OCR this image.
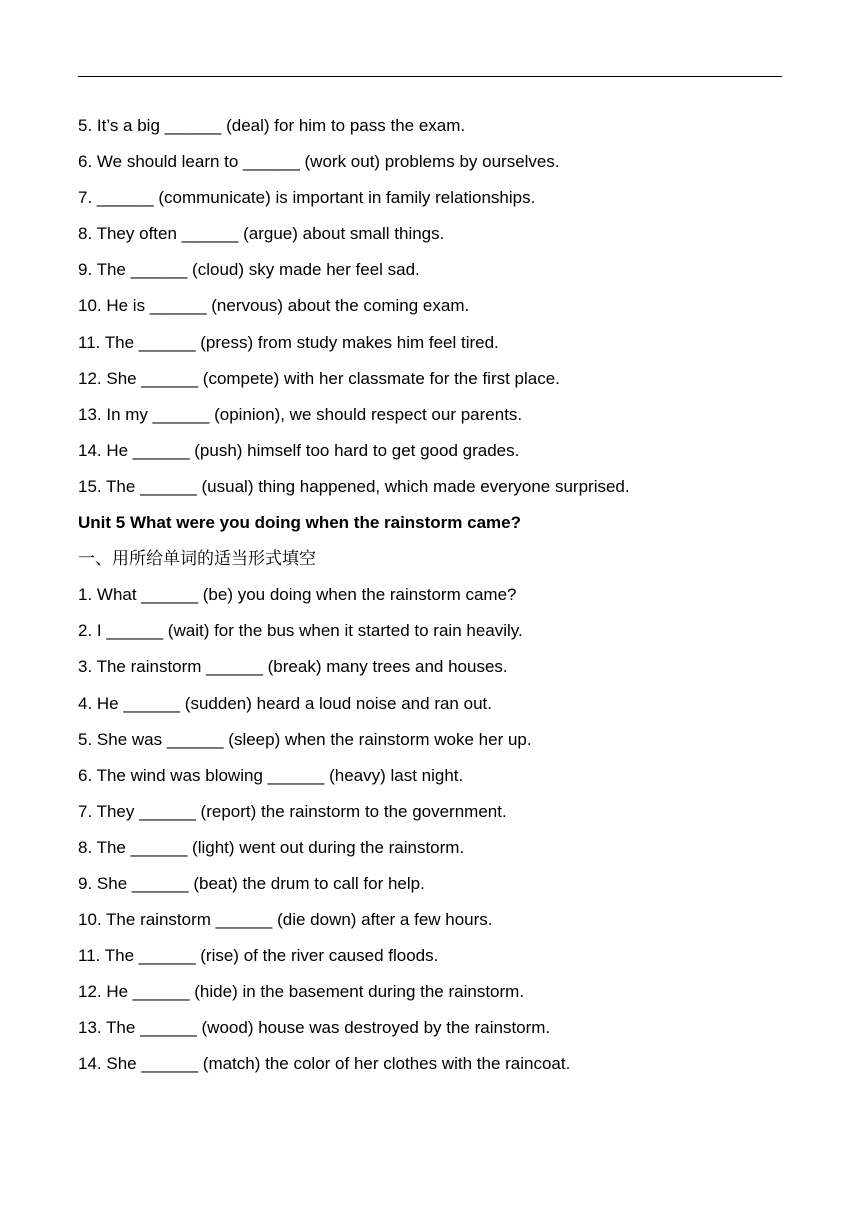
5. It’s a big ______ (deal) for him to pass the exam.
6. We should learn to ______ (work out) problems by ourselves.
7. ______ (communicate) is important in family relationships.
8. They often ______ (argue) about small things.
9. The ______ (cloud) sky made her feel sad.
10. He is ______ (nervous) about the coming exam.
11. The ______ (press) from study makes him feel tired.
12. She ______ (compete) with her classmate for the first place.
13. In my ______ (opinion), we should respect our parents.
14. He ______ (push) himself too hard to get good grades.
15. The ______ (usual) thing happened, which made everyone surprised.
Unit 5 What were you doing when the rainstorm came?
一、用所给单词的适当形式填空
1. What ______ (be) you doing when the rainstorm came?
2. I ______ (wait) for the bus when it started to rain heavily.
3. The rainstorm ______ (break) many trees and houses.
4. He ______ (sudden) heard a loud noise and ran out.
5. She was ______ (sleep) when the rainstorm woke her up.
6. The wind was blowing ______ (heavy) last night.
7. They ______ (report) the rainstorm to the government.
8. The ______ (light) went out during the rainstorm.
9. She ______ (beat) the drum to call for help.
10. The rainstorm ______ (die down) after a few hours.
11. The ______ (rise) of the river caused floods.
12. He ______ (hide) in the basement during the rainstorm.
13. The ______ (wood) house was destroyed by the rainstorm.
14. She ______ (match) the color of her clothes with the raincoat.
